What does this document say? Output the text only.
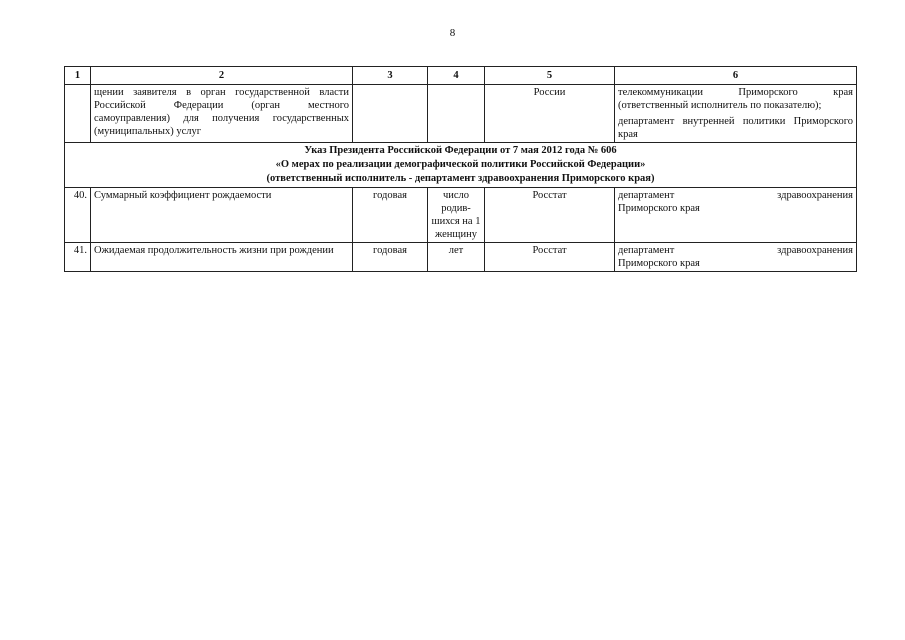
8
1	2	3	4	5	6
	щении заявителя в орган государственной власти Российской Федерации (орган местного самоуправления) для получения государственных (муниципальных) услуг			России	телекоммуникации Приморского края (ответственный исполнитель по показателю);

департамент внутренней политики Приморского края

Указ Президента Российской Федерации от 7 мая 2012 года № 606
«О мерах по реализации демографической политики Российской Федерации»
(ответственный исполнитель - департамент здравоохранения Приморского края)					

40.	Суммарный коэффициент рождаемости	годовая	число родив-шихся на 1 женщину	Росстат	департамент здравоохранения
Приморского края

41.	Ожидаемая продолжительность жизни при рождении	годовая	лет	Росстат	департамент здравоохранения
Приморского края
